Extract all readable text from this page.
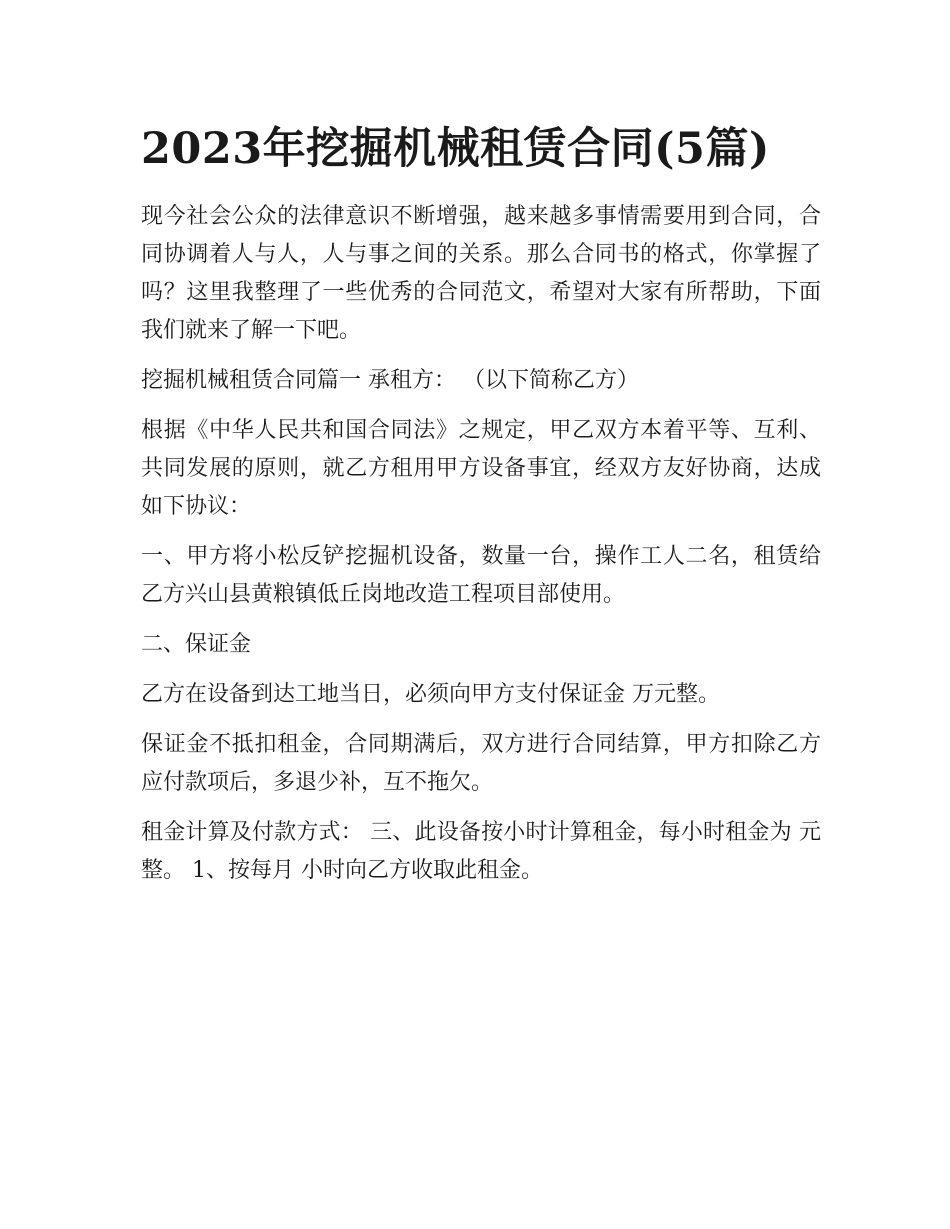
2023年挖掘机械租赁合同(5篇)

现今社会公众的法律意识不断增强，越来越多事情需要用到合同，合同协调着人与人，人与事之间的关系。那么合同书的格式，你掌握了吗？这里我整理了一些优秀的合同范文，希望对大家有所帮助，下面我们就来了解一下吧。

挖掘机械租赁合同篇一 承租方： （以下简称乙方）

根据《中华人民共和国合同法》之规定，甲乙双方本着平等、互利、共同发展的原则，就乙方租用甲方设备事宜，经双方友好协商，达成如下协议：

一、甲方将小松反铲挖掘机设备，数量一台，操作工人二名，租赁给乙方兴山县黄粮镇低丘岗地改造工程项目部使用。

二、保证金

乙方在设备到达工地当日，必须向甲方支付保证金 万元整。

保证金不抵扣租金，合同期满后，双方进行合同结算，甲方扣除乙方应付款项后，多退少补，互不拖欠。

租金计算及付款方式： 三、此设备按小时计算租金，每小时租金为 元整。 1、按每月 小时向乙方收取此租金。
